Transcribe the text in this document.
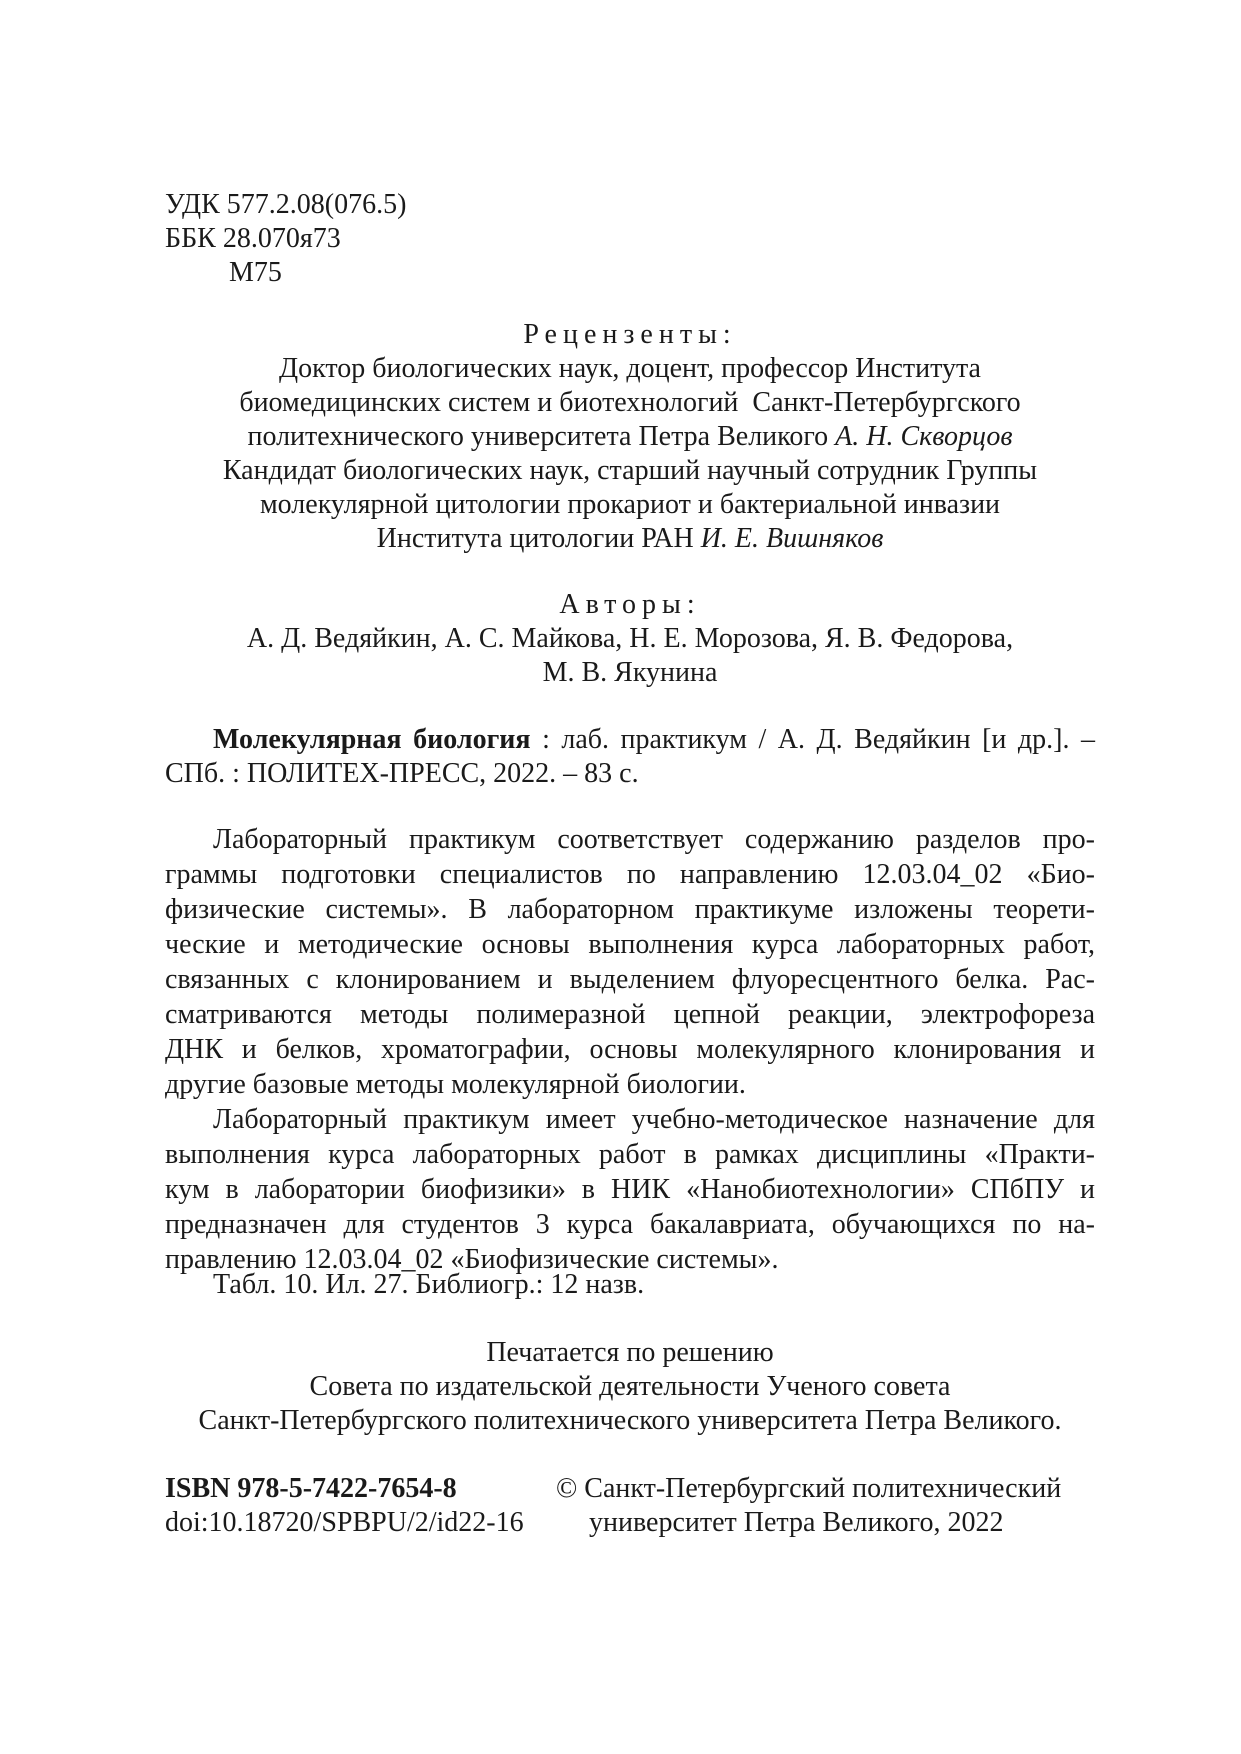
УДК 577.2.08(076.5)
ББК 28.070я73
М75
Рецензенты:
Доктор биологических наук, доцент, профессор Института
биомедицинских систем и биотехнологий  Санкт-Петербургского
политехнического университета Петра Великого А. Н. Скворцов
Кандидат биологических наук, старший научный сотрудник Группы
молекулярной цитологии прокариот и бактериальной инвазии
Института цитологии РАН И. Е. Вишняков
Авторы:
А. Д. Ведяйкин, А. С. Майкова, Н. Е. Морозова, Я. В. Федорова,
М. В. Якунина
Молекулярная биология : лаб. практикум / А. Д. Ведяйкин [и др.]. –
СПб. : ПОЛИТЕХ-ПРЕСС, 2022. – 83 с.
Лабораторный практикум соответствует содержанию разделов про-
граммы подготовки специалистов по направлению 12.03.04_02 «Био-
физические системы». В лабораторном практикуме изложены теорети-
ческие и методические основы выполнения курса лабораторных работ,
связанных с клонированием и выделением флуоресцентного белка. Рас-
сматриваются методы полимеразной цепной реакции, электрофореза
ДНК и белков, хроматографии, основы молекулярного клонирования и
другие базовые методы молекулярной биологии.
Лабораторный практикум имеет учебно-методическое назначение для
выполнения курса лабораторных работ в рамках дисциплины «Практи-
кум в лаборатории биофизики» в НИК «Нанобиотехнологии» СПбПУ и
предназначен для студентов 3 курса бакалавриата, обучающихся по на-
правлению 12.03.04_02 «Биофизические системы».
Табл. 10. Ил. 27. Библиогр.: 12 назв.
Печатается по решению
Совета по издательской деятельности Ученого совета
Санкт-Петербургского политехнического университета Петра Великого.
ISBN 978-5-7422-7654-8
doi:10.18720/SPBPU/2/id22-16
© Санкт-Петербургский политехнический
университет Петра Великого, 2022
